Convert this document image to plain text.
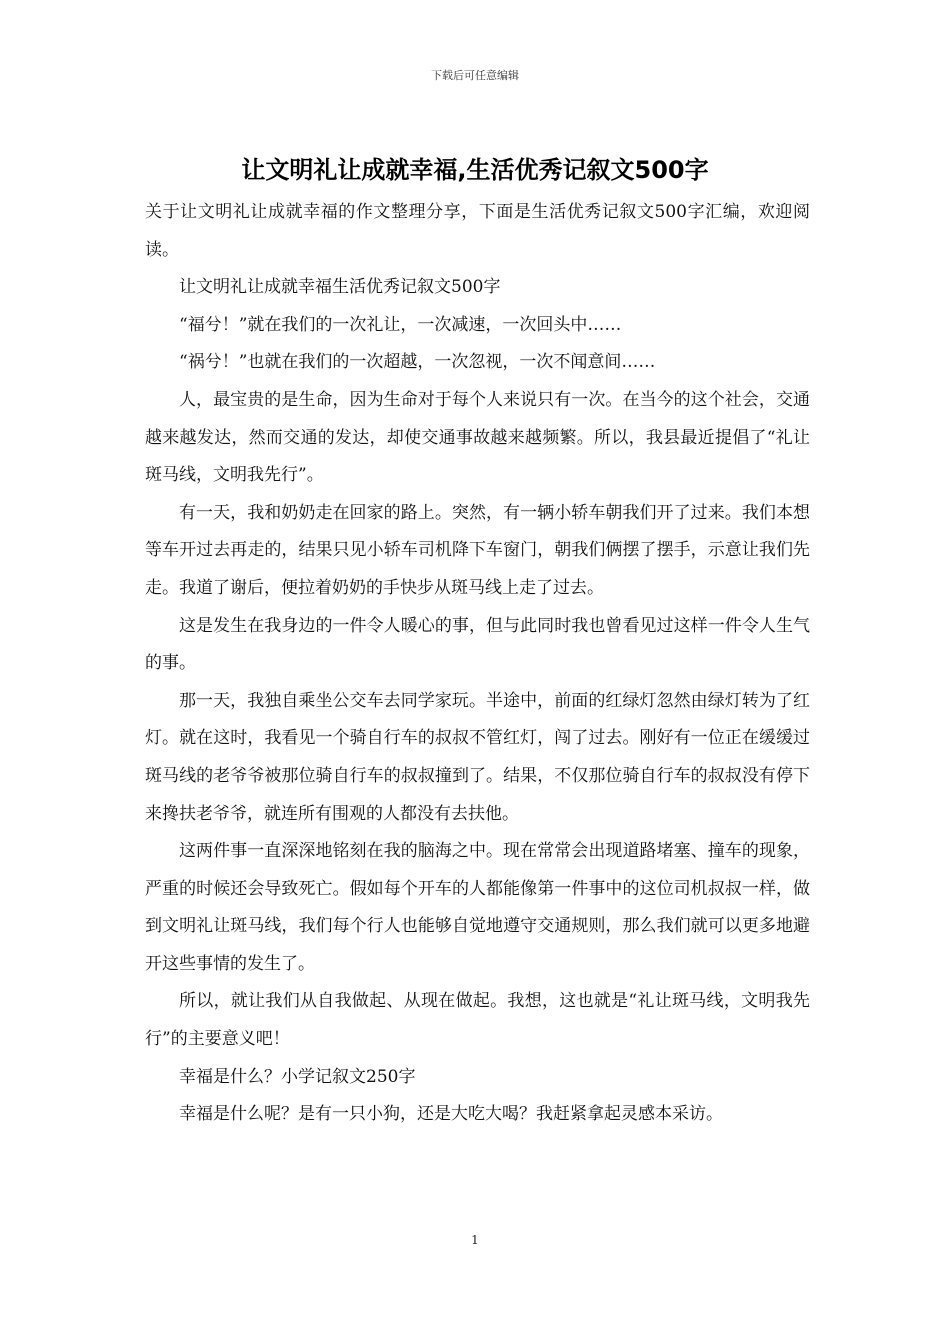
下载后可任意编辑
让文明礼让成就幸福,生活优秀记叙文500字

关于让文明礼让成就幸福的作文整理分享，下面是生活优秀记叙文500字汇编，欢迎阅读。

让文明礼让成就幸福生活优秀记叙文500字

“福兮！”就在我们的一次礼让，一次减速，一次回头中……

“祸兮！”也就在我们的一次超越，一次忽视，一次不闻意间……

人，最宝贵的是生命，因为生命对于每个人来说只有一次。在当今的这个社会，交通越来越发达，然而交通的发达，却使交通事故越来越频繁。所以，我县最近提倡了“礼让斑马线，文明我先行”。

有一天，我和奶奶走在回家的路上。突然，有一辆小轿车朝我们开了过来。我们本想等车开过去再走的，结果只见小轿车司机降下车窗门，朝我们俩摆了摆手，示意让我们先走。我道了谢后，便拉着奶奶的手快步从斑马线上走了过去。

这是发生在我身边的一件令人暖心的事，但与此同时我也曾看见过这样一件令人生气的事。

那一天，我独自乘坐公交车去同学家玩。半途中，前面的红绿灯忽然由绿灯转为了红灯。就在这时，我看见一个骑自行车的叔叔不管红灯，闯了过去。刚好有一位正在缓缓过斑马线的老爷爷被那位骑自行车的叔叔撞到了。结果，不仅那位骑自行车的叔叔没有停下来搀扶老爷爷，就连所有围观的人都没有去扶他。

这两件事一直深深地铭刻在我的脑海之中。现在常常会出现道路堵塞、撞车的现象，严重的时候还会导致死亡。假如每个开车的人都能像第一件事中的这位司机叔叔一样，做到文明礼让斑马线，我们每个行人也能够自觉地遵守交通规则，那么我们就可以更多地避开这些事情的发生了。

所以，就让我们从自我做起、从现在做起。我想，这也就是“礼让斑马线，文明我先行”的主要意义吧！

幸福是什么？小学记叙文250字

幸福是什么呢？是有一只小狗，还是大吃大喝？我赶紧拿起灵感本采访。

1
